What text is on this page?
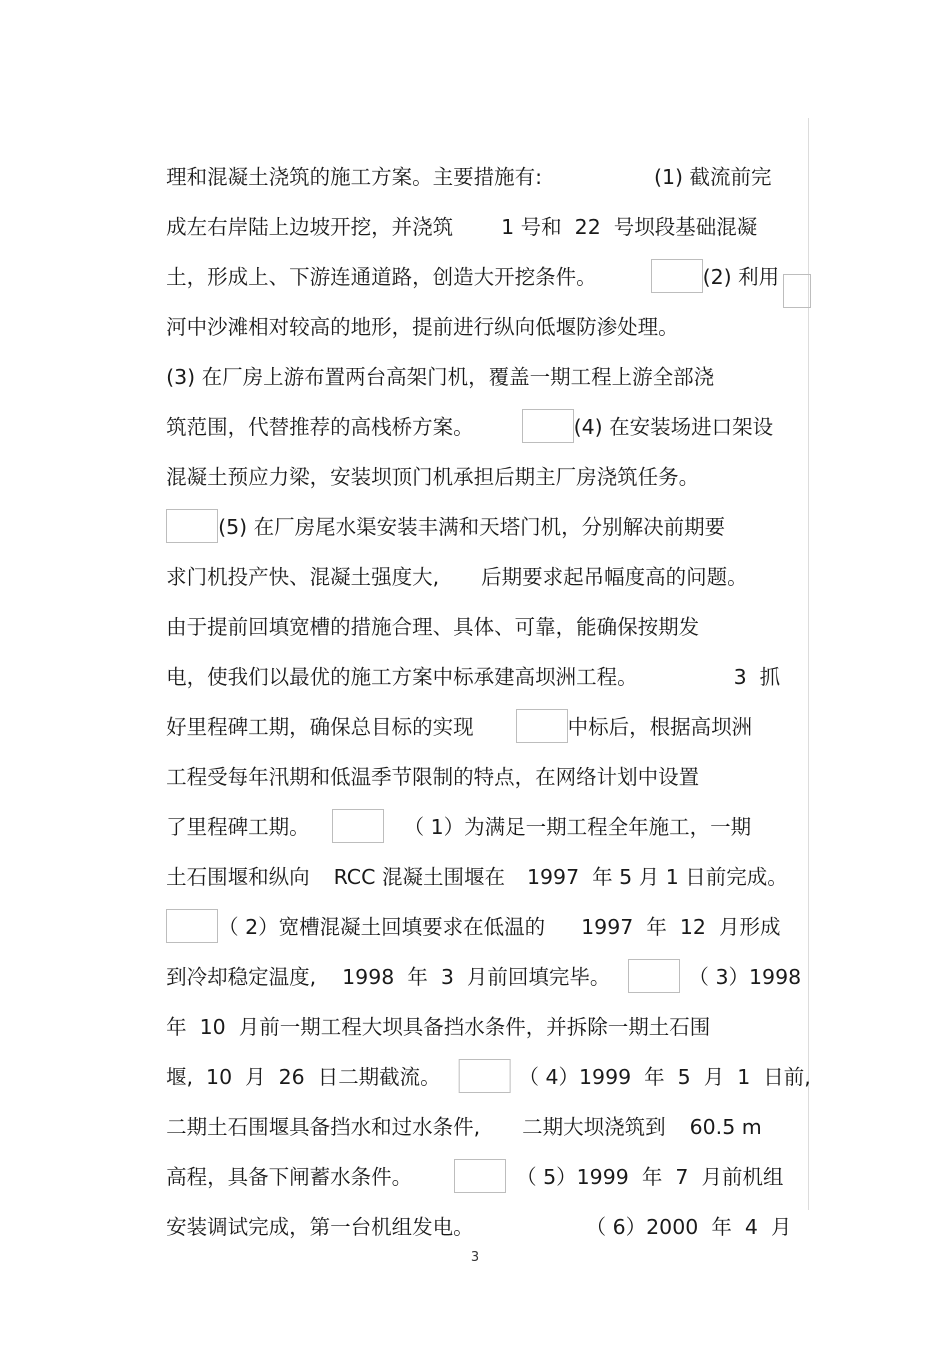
理和混凝土浇筑的施工方案。主要措施有:	(1) 截流前完

成左右岸陆上边坡开挖，并浇筑 1 号和  22  号坝段基础混凝

土，形成上、下游连通道路，创造大开挖条件。	(2) 利用

河中沙滩相对较高的地形，提前进行纵向低堰防渗处理。

(3) 在厂房上游布置两台高架门机，覆盖一期工程上游全部浇

筑范围，代替推荐的高栈桥方案。	(4) 在安装场进口架设

混凝土预应力梁，安装坝顶门机承担后期主厂房浇筑任务。

(5) 在厂房尾水渠安装丰满和天塔门机，分别解决前期要

求门机投产快、混凝土强度大, 后期要求起吊幅度高的问题。

由于提前回填宽槽的措施合理、具体、可靠，能确保按期发

电，使我们以最优的施工方案中标承建高坝洲工程。	3  抓

好里程碑工期，确保总目标的实现	中标后，根据高坝洲

工程受每年汛期和低温季节限制的特点，在网络计划中设置

了里程碑工期。	（ 1）为满足一期工程全年施工，一期

土石围堰和纵向 RCC 混凝土围堰在 1997  年 5 月 1 日前完成。

（ 2）宽槽混凝土回填要求在低温的 1997  年  12  月形成

到冷却稳定温度, 1998  年  3  月前回填完毕。	（ 3）1998

年  10  月前一期工程大坝具备挡水条件，并拆除一期土石围

堰,  10  月  26  日二期截流。	（ 4）1999  年  5  月  1  日前,

二期土石围堰具备挡水和过水条件, 二期大坝浇筑到 60.5 m

高程，具备下闸蓄水条件。	（ 5）1999  年  7  月前机组

安装调试完成，第一台机组发电。	（ 6）2000  年  4  月

3
